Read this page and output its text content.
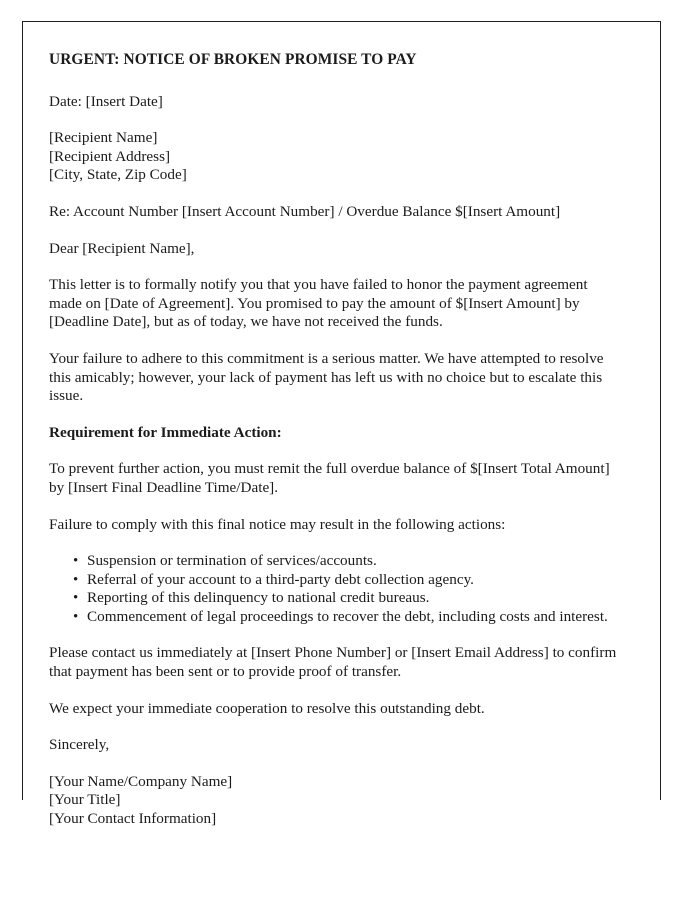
URGENT: NOTICE OF BROKEN PROMISE TO PAY

Date: [Insert Date]

[Recipient Name]
[Recipient Address]
[City, State, Zip Code]

Re: Account Number [Insert Account Number] / Overdue Balance $[Insert Amount]

Dear [Recipient Name],

This letter is to formally notify you that you have failed to honor the payment agreement made on [Date of Agreement]. You promised to pay the amount of $[Insert Amount] by [Deadline Date], but as of today, we have not received the funds.

Your failure to adhere to this commitment is a serious matter. We have attempted to resolve this amicably; however, your lack of payment has left us with no choice but to escalate this issue.

Requirement for Immediate Action:

To prevent further action, you must remit the full overdue balance of $[Insert Total Amount] by [Insert Final Deadline Time/Date].

Failure to comply with this final notice may result in the following actions:

• Suspension or termination of services/accounts.
• Referral of your account to a third-party debt collection agency.
• Reporting of this delinquency to national credit bureaus.
• Commencement of legal proceedings to recover the debt, including costs and interest.

Please contact us immediately at [Insert Phone Number] or [Insert Email Address] to confirm that payment has been sent or to provide proof of transfer.

We expect your immediate cooperation to resolve this outstanding debt.

Sincerely,

[Your Name/Company Name]
[Your Title]
[Your Contact Information]
